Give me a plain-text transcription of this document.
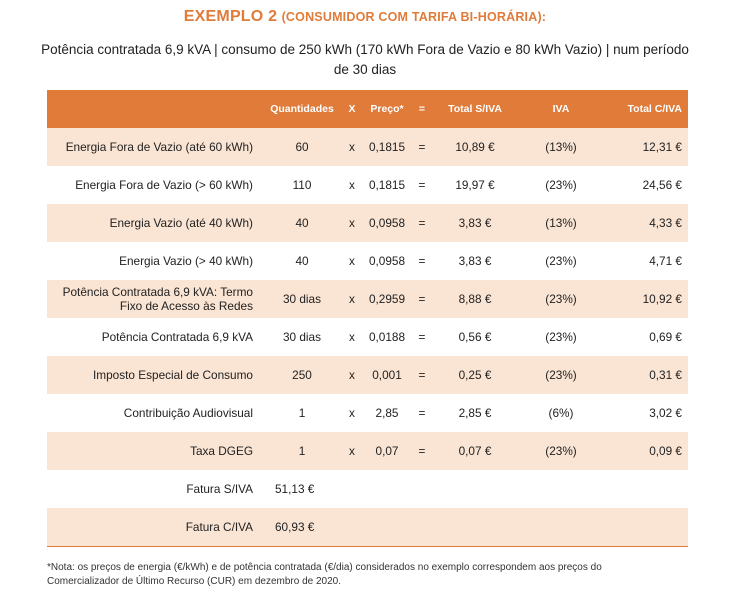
EXEMPLO 2 (CONSUMIDOR COM TARIFA BI-HORÁRIA):
Potência contratada 6,9 kVA | consumo de 250 kWh (170 kWh Fora de Vazio e 80 kWh Vazio) | num período de 30 dias
	Quantidades	X	Preço*	=	Total S/IVA	IVA	Total C/IVA
Energia Fora de Vazio (até 60 kWh)	60	x	0,1815	=	10,89 €	(13%)	12,31 €
Energia Fora de Vazio (> 60 kWh)	110	x	0,1815	=	19,97 €	(23%)	24,56 €
Energia Vazio (até 40 kWh)	40	x	0,0958	=	3,83 €	(13%)	4,33 €
Energia Vazio (> 40 kWh)	40	x	0,0958	=	3,83 €	(23%)	4,71 €
Potência Contratada 6,9 kVA: Termo
Fixo de Acesso às Redes	30 dias	x	0,2959	=	8,88 €	(23%)	10,92 €
Potência Contratada 6,9 kVA	30 dias	x	0,0188	=	0,56 €	(23%)	0,69 €
Imposto Especial de Consumo	250	x	0,001	=	0,25 €	(23%)	0,31 €
Contribuição Audiovisual	1	x	2,85	=	2,85 €	(6%)	3,02 €
Taxa DGEG	1	x	0,07	=	0,07 €	(23%)	0,09 €
Fatura S/IVA	51,13 €						
Fatura C/IVA	60,93 €						
*Nota: os preços de energia (€/kWh) e de potência contratada (€/dia) considerados no exemplo correspondem aos preços do
Comercializador de Último Recurso (CUR) em dezembro de 2020.
